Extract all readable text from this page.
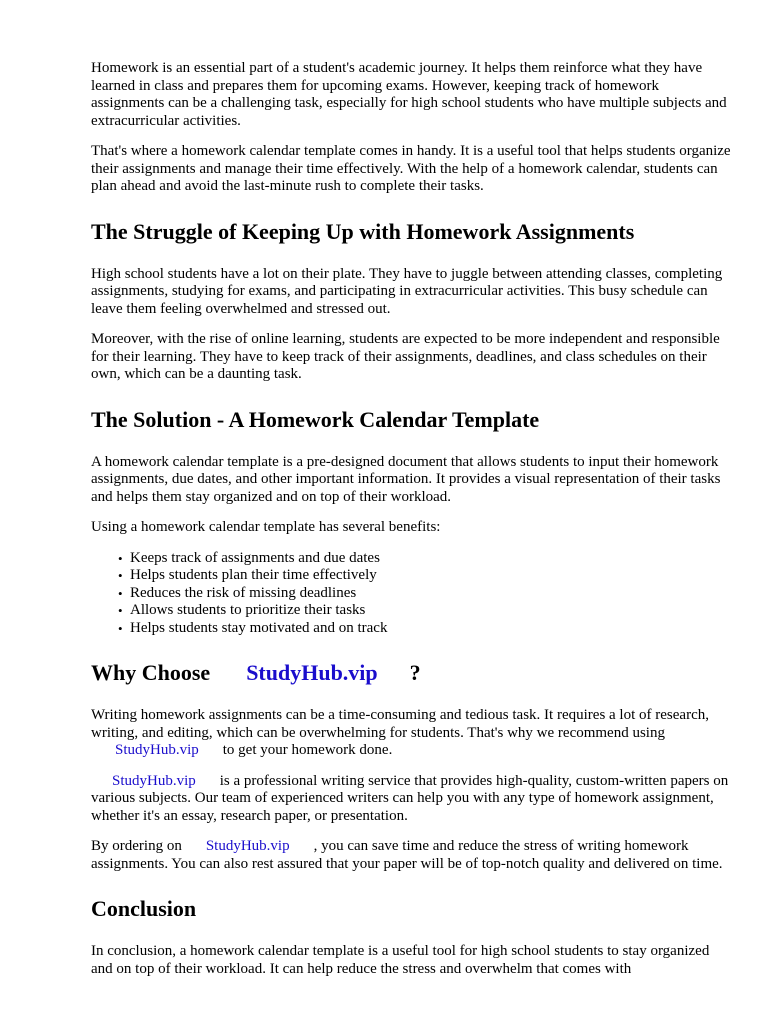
Homework is an essential part of a student's academic journey. It helps them reinforce what they have learned in class and prepares them for upcoming exams. However, keeping track of homework assignments can be a challenging task, especially for high school students who have multiple subjects and extracurricular activities.

That's where a homework calendar template comes in handy. It is a useful tool that helps students organize their assignments and manage their time effectively. With the help of a homework calendar, students can plan ahead and avoid the last-minute rush to complete their tasks.

The Struggle of Keeping Up with Homework Assignments

High school students have a lot on their plate. They have to juggle between attending classes, completing assignments, studying for exams, and participating in extracurricular activities. This busy schedule can leave them feeling overwhelmed and stressed out.

Moreover, with the rise of online learning, students are expected to be more independent and responsible for their learning. They have to keep track of their assignments, deadlines, and class schedules on their own, which can be a daunting task.

The Solution - A Homework Calendar Template

A homework calendar template is a pre-designed document that allows students to input their homework assignments, due dates, and other important information. It provides a visual representation of their tasks and helps them stay organized and on top of their workload.

Using a homework calendar template has several benefits:

• Keeps track of assignments and due dates
• Helps students plan their time effectively
• Reduces the risk of missing deadlines
• Allows students to prioritize their tasks
• Helps students stay motivated and on track
Why Choose StudyHub.vip ?

Writing homework assignments can be a time-consuming and tedious task. It requires a lot of research, writing, and editing, which can be overwhelming for students. That's why we recommend usingStudyHub.vip to get your homework done.

StudyHub.vip is a professional writing service that provides high-quality, custom-written papers on various subjects. Our team of experienced writers can help you with any type of homework assignment, whether it's an essay, research paper, or presentation.

By ordering on StudyHub.vip , you can save time and reduce the stress of writing homework assignments. You can also rest assured that your paper will be of top-notch quality and delivered on time.

Conclusion

In conclusion, a homework calendar template is a useful tool for high school students to stay organized and on top of their workload. It can help reduce the stress and overwhelm that comes with
